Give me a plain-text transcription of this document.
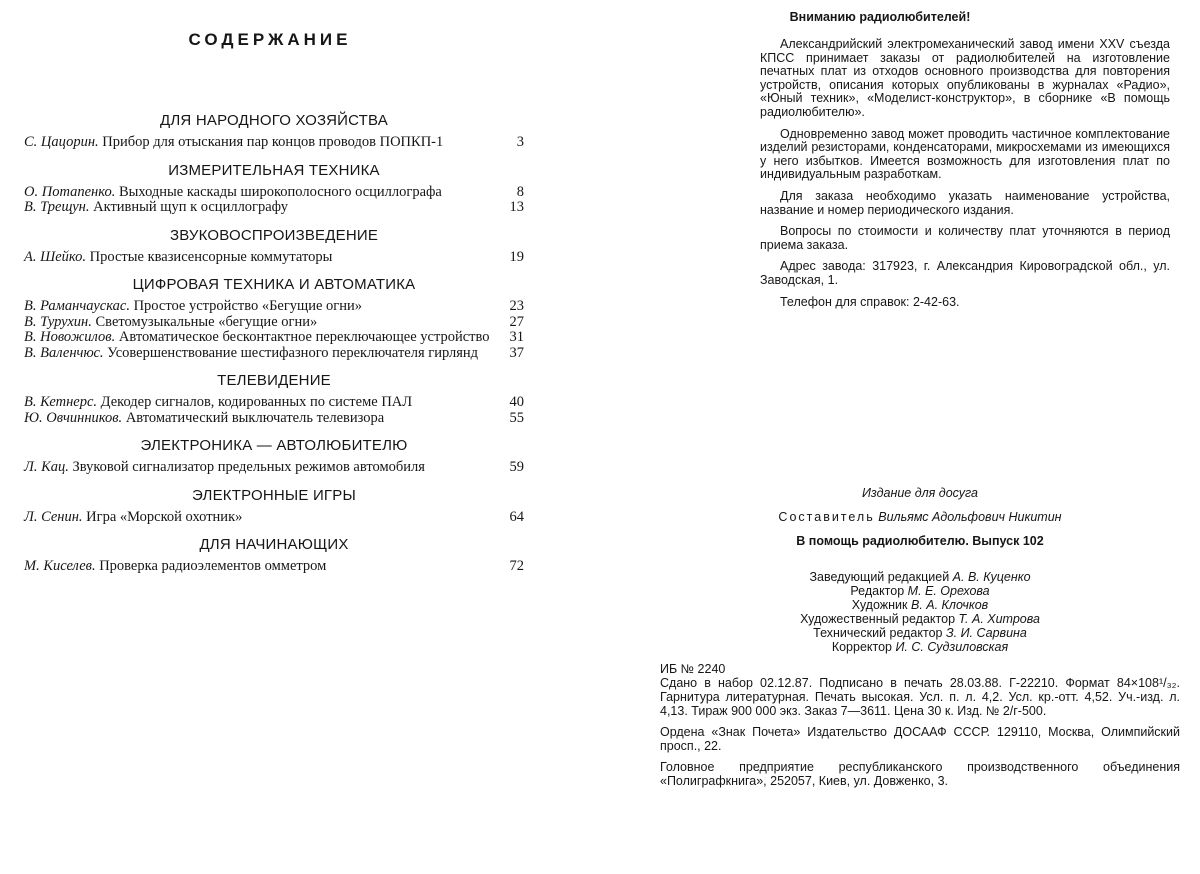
СОДЕРЖАНИЕ
ДЛЯ НАРОДНОГО ХОЗЯЙСТВА
С. Цацорин. Прибор для отыскания пар концов проводов ПОПКП-1	3
ИЗМЕРИТЕЛЬНАЯ ТЕХНИКА
О. Потапенко. Выходные каскады широкополосного осциллографа	8
В. Трещун. Активный щуп к осциллографу	13
ЗВУКОВОСПРОИЗВЕДЕНИЕ
А. Шейко. Простые квазисенсорные коммутаторы	19
ЦИФРОВАЯ ТЕХНИКА И АВТОМАТИКА
В. Раманчаускас. Простое устройство «Бегущие огни»	23
В. Турухин. Светомузыкальные «бегущие огни»	27
В. Новожилов. Автоматическое бесконтактное переключающее устройство	31
В. Валенчюс. Усовершенствование шестифазного переключателя гирлянд	37
ТЕЛЕВИДЕНИЕ
В. Кетнерс. Декодер сигналов, кодированных по системе ПАЛ	40
Ю. Овчинников. Автоматический выключатель телевизора	55
ЭЛЕКТРОНИКА — АВТОЛЮБИТЕЛЮ
Л. Кац. Звуковой сигнализатор предельных режимов автомобиля	59
ЭЛЕКТРОННЫЕ ИГРЫ
Л. Сенин. Игра «Морской охотник»	64
ДЛЯ НАЧИНАЮЩИХ
М. Киселев. Проверка радиоэлементов омметром	72
Вниманию радиолюбителей!

Александрийский электромеханический завод имени XXV съезда КПСС принимает заказы от радиолюбителей на изготовление печатных плат из отходов основного производства для повторения устройств, описания которых опубликованы в журналах «Радио», «Юный техник», «Моделист-конструктор», в сборнике «В помощь радиолюбителю».

Одновременно завод может проводить частичное комплектование изделий резисторами, конденсаторами, микросхемами из имеющихся у него избытков. Имеется возможность для изготовления плат по индивидуальным разработкам.

Для заказа необходимо указать наименование устройства, название и номер периодического издания.

Вопросы по стоимости и количеству плат уточняются в период приема заказа.

Адрес завода: 317923, г. Александрия Кировоградской обл., ул. Заводская, 1.

Телефон для справок: 2-42-63.

Издание для досуга
Составитель Вильямс Адольфович Никитин
В помощь радиолюбителю. Выпуск 102
Заведующий редакцией А. В. Куценко
Редактор М. Е. Орехова
Художник В. А. Клочков
Художественный редактор Т. А. Хитрова
Технический редактор З. И. Сарвина
Корректор И. С. Судзиловская
ИБ № 2240

Сдано в набор 02.12.87. Подписано в печать 28.03.88. Г-22210. Формат 84×108¹/₃₂. Гарнитура литературная. Печать высокая. Усл. п. л. 4,2. Усл. кр.-отт. 4,52. Уч.-изд. л. 4,13. Тираж 900 000 экз. Заказ 7—3611. Цена 30 к. Изд. № 2/г-500.

Ордена «Знак Почета» Издательство ДОСААФ СССР. 129110, Москва, Олимпийский просп., 22.

Головное предприятие республиканского производственного объединения «Полиграфкнига», 252057, Киев, ул. Довженко, 3.
